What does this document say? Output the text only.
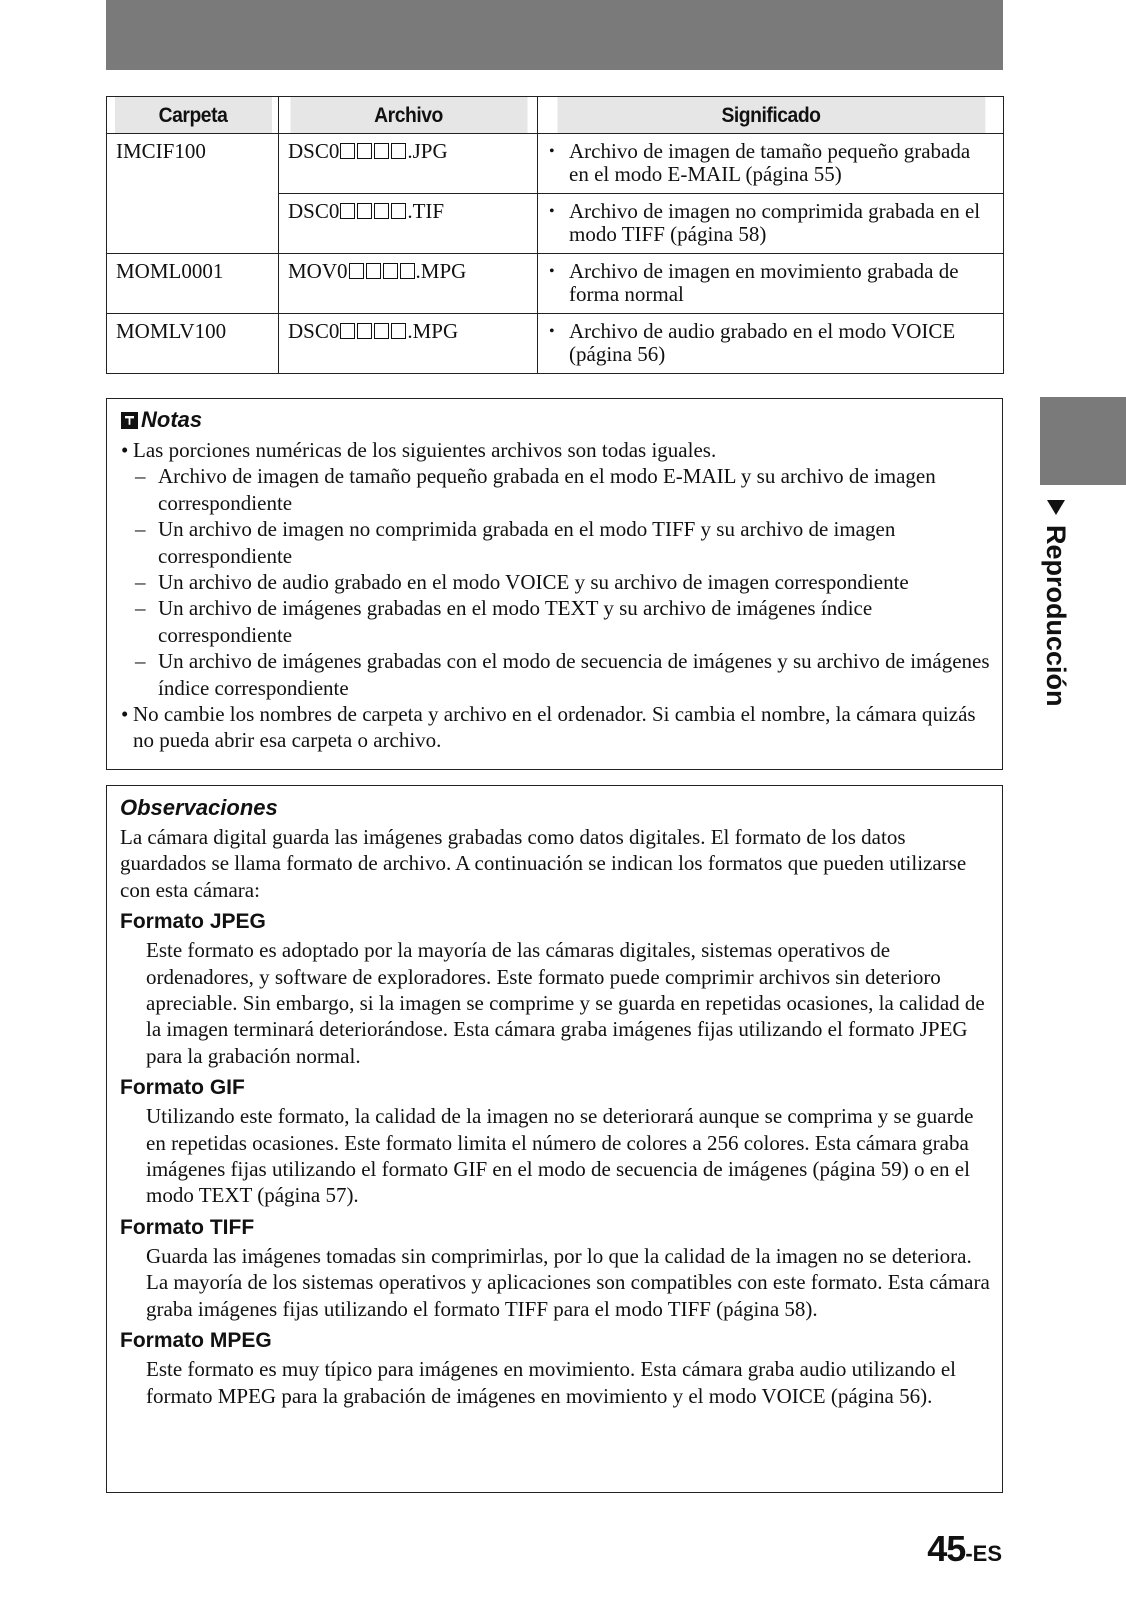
Carpeta	Archivo	Significado
IMCIF100	DSC0 .JPG	• Archivo de imagen de tamaño pequeño grabada en el modo E-MAIL (página 55)

	DSC0 .TIF	• Archivo de imagen no comprimida grabada en el modo TIFF (página 58)

MOML0001	MOV0 .MPG	• Archivo de imagen en movimiento grabada de forma normal

MOMLV100	DSC0 .MPG	• Archivo de audio grabado en el modo VOICE (página 56)
Notas
• Las porciones numéricas de los siguientes archivos son todas iguales.
– Archivo de imagen de tamaño pequeño grabada en el modo E-MAIL y su archivo de imagen correspondiente
– Un archivo de imagen no comprimida grabada en el modo TIFF y su archivo de imagen correspondiente
– Un archivo de audio grabado en el modo VOICE y su archivo de imagen correspondiente
– Un archivo de imágenes grabadas en el modo TEXT y su archivo de imágenes índice correspondiente
– Un archivo de imágenes grabadas con el modo de secuencia de imágenes y su archivo de imágenes índice correspondiente
• No cambie los nombres de carpeta y archivo en el ordenador. Si cambia el nombre, la cámara quizás no pueda abrir esa carpeta o archivo.
Observaciones

La cámara digital guarda las imágenes grabadas como datos digitales. El formato de los datos guardados se llama formato de archivo. A continuación se indican los formatos que pueden utilizarse con esta cámara:

Formato JPEG

Este formato es adoptado por la mayoría de las cámaras digitales, sistemas operativos de ordenadores, y software de exploradores. Este formato puede comprimir archivos sin deterioro apreciable. Sin embargo, si la imagen se comprime y se guarda en repetidas ocasiones, la calidad de la imagen terminará deteriorándose. Esta cámara graba imágenes fijas utilizando el formato JPEG para la grabación normal.

Formato GIF

Utilizando este formato, la calidad de la imagen no se deteriorará aunque se comprima y se guarde en repetidas ocasiones. Este formato limita el número de colores a 256 colores. Esta cámara graba imágenes fijas utilizando el formato GIF en el modo de secuencia de imágenes (página 59) o en el modo TEXT (página 57).

Formato TIFF

Guarda las imágenes tomadas sin comprimirlas, por lo que la calidad de la imagen no se deteriora. La mayoría de los sistemas operativos y aplicaciones son compatibles con este formato. Esta cámara graba imágenes fijas utilizando el formato TIFF para el modo TIFF (página 58).

Formato MPEG

Este formato es muy típico para imágenes en movimiento. Esta cámara graba audio utilizando el formato MPEG para la grabación de imágenes en movimiento y el modo VOICE (página 56).

Reproducción
45-ES
